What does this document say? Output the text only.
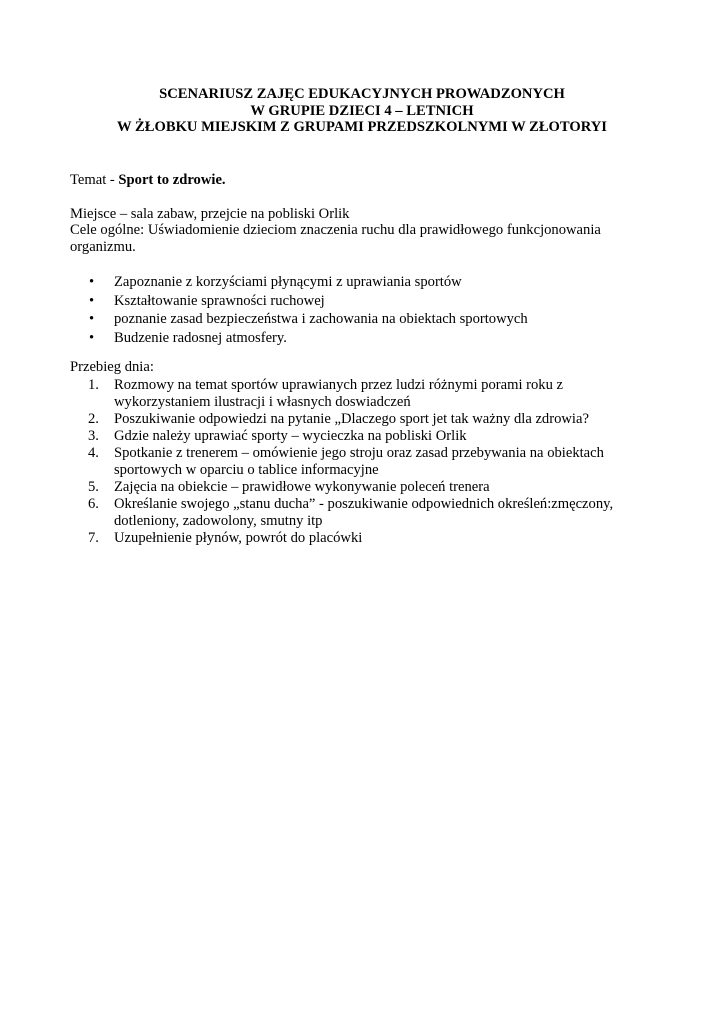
SCENARIUSZ ZAJĘC EDUKACYJNYCH PROWADZONYCH
W GRUPIE DZIECI 4 – LETNICH
W ŻŁOBKU MIEJSKIM Z GRUPAMI PRZEDSZKOLNYMI W ZŁOTORYI
Temat - Sport to zdrowie.
Miejsce – sala zabaw, przejcie na pobliski Orlik
Cele ogólne: Uświadomienie dzieciom znaczenia ruchu dla prawidłowego funkcjonowania organizmu.
• Zapoznanie z korzyściami płynącymi z uprawiania sportów
• Kształtowanie sprawności ruchowej
• poznanie zasad bezpieczeństwa i zachowania na obiektach sportowych
• Budzenie radosnej atmosfery.
Przebieg dnia:
1. Rozmowy na temat sportów uprawianych przez ludzi różnymi porami roku z wykorzystaniem ilustracji i własnych doswiadczeń
2. Poszukiwanie odpowiedzi na pytanie „Dlaczego sport jet tak ważny dla zdrowia?
3. Gdzie należy uprawiać sporty – wycieczka na pobliski Orlik
4. Spotkanie z trenerem – omówienie jego stroju oraz zasad przebywania na obiektach sportowych w oparciu o tablice informacyjne
5. Zajęcia na obiekcie – prawidłowe wykonywanie poleceń trenera
6. Określanie swojego „stanu ducha” - poszukiwanie odpowiednich określeń:zmęczony, dotleniony, zadowolony, smutny itp
7. Uzupełnienie płynów, powrót do placówki
